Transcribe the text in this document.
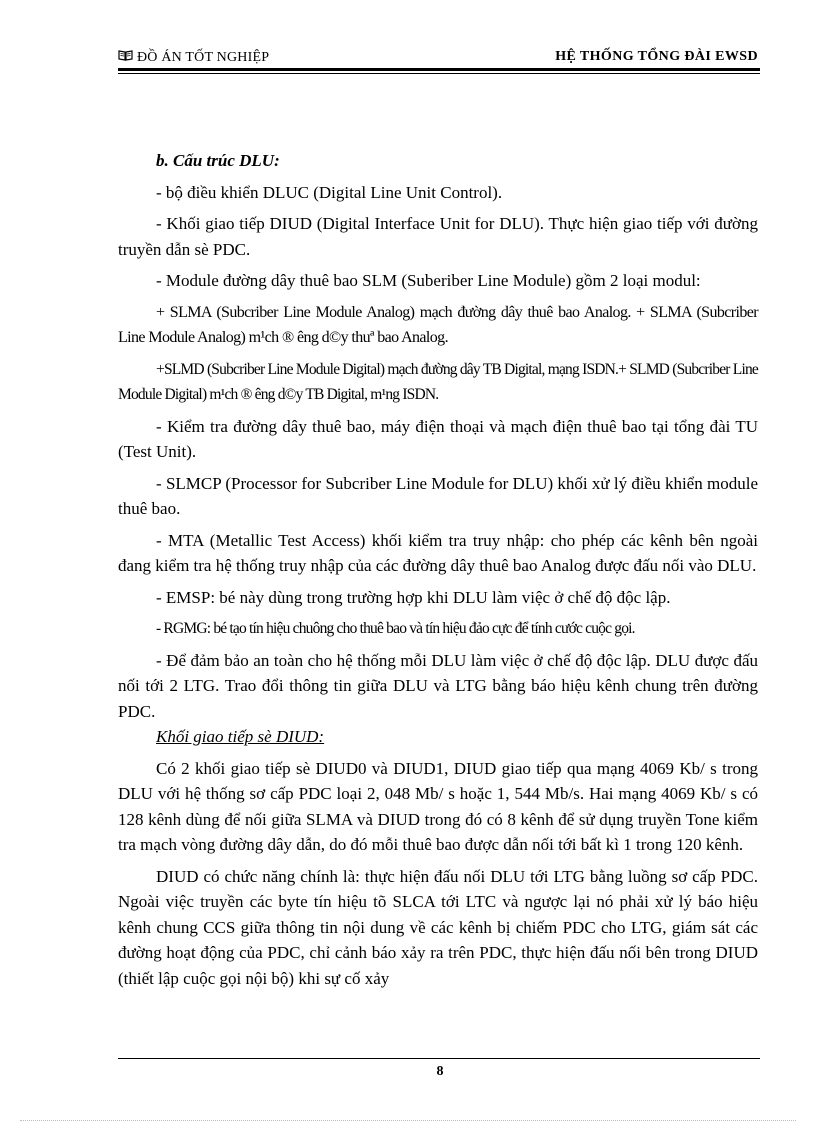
ĐỒ ÁN TỐT NGHIỆP	HỆ THỐNG TỔNG ĐÀI EWSD

b. Cấu trúc DLU:

- bộ điều khiển DLUC (Digital Line Unit Control).

- Khối giao tiếp DIUD (Digital Interface Unit for DLU). Thực hiện giao tiếp với đường truyền dẫn sè PDC.

- Module đường dây thuê bao SLM (Suberiber Line Module) gồm 2 loại modul:

+ SLMA (Subcriber Line Module Analog) mạch đường dây thuê bao Analog. + SLMA (Subcriber Line Module Analog) m¹ch ® êng d©y thuª bao Analog.

+SLMD (Subcriber Line Module Digital) mạch đường dây TB Digital, mạng ISDN.+ SLMD (Subcriber Line Module Digital) m¹ch ® êng d©y TB Digital, m¹ng ISDN.

- Kiểm tra đường dây thuê bao, máy điện thoại và mạch điện thuê bao tại tổng đài TU (Test Unit).

- SLMCP (Processor for Subcriber Line Module for DLU) khối xử lý điều khiển module thuê bao.

- MTA (Metallic Test Access) khối kiểm tra truy nhập: cho phép các kênh bên ngoài đang kiểm tra hệ thống truy nhập của các đường dây thuê bao Analog được đấu nối vào DLU.

- EMSP: bé này dùng trong trường hợp khi DLU làm việc ở chế độ độc lập.

- RGMG: bé tạo tín hiệu chuông cho thuê bao và tín hiệu đảo cực để tính cước cuộc gọi.

- Để đảm bảo an toàn cho hệ thống mỗi DLU làm việc ở chế độ độc lập. DLU được đấu nối tới 2 LTG. Trao đổi thông tin giữa DLU và LTG bằng báo hiệu kênh chung trên đường PDC.

Khối giao tiếp sè DIUD:

Có 2 khối giao tiếp sè DIUD0 và DIUD1, DIUD giao tiếp qua mạng 4069 Kb/ s trong DLU với hệ thống sơ cấp PDC loại 2, 048 Mb/ s hoặc 1, 544 Mb/s. Hai mạng 4069 Kb/ s có 128 kênh dùng để nối giữa SLMA và DIUD trong đó có 8 kênh để sử dụng truyền Tone kiểm tra mạch vòng đường dây dẫn, do đó mỗi thuê bao được dẫn nối tới bất kì 1 trong 120 kênh.

DIUD có chức năng chính là: thực hiện đấu nối DLU tới LTG bằng luồng sơ cấp PDC. Ngoài việc truyền các byte tín hiệu tõ SLCA tới LTC và ngược lại nó phải xử lý báo hiệu kênh chung CCS giữa thông tin nội dung về các kênh bị chiếm PDC cho LTG, giám sát các đường hoạt động của PDC, chỉ cảnh báo xảy ra trên PDC, thực hiện đấu nối bên trong DIUD (thiết lập cuộc gọi nội bộ) khi sự cố xảy

8
